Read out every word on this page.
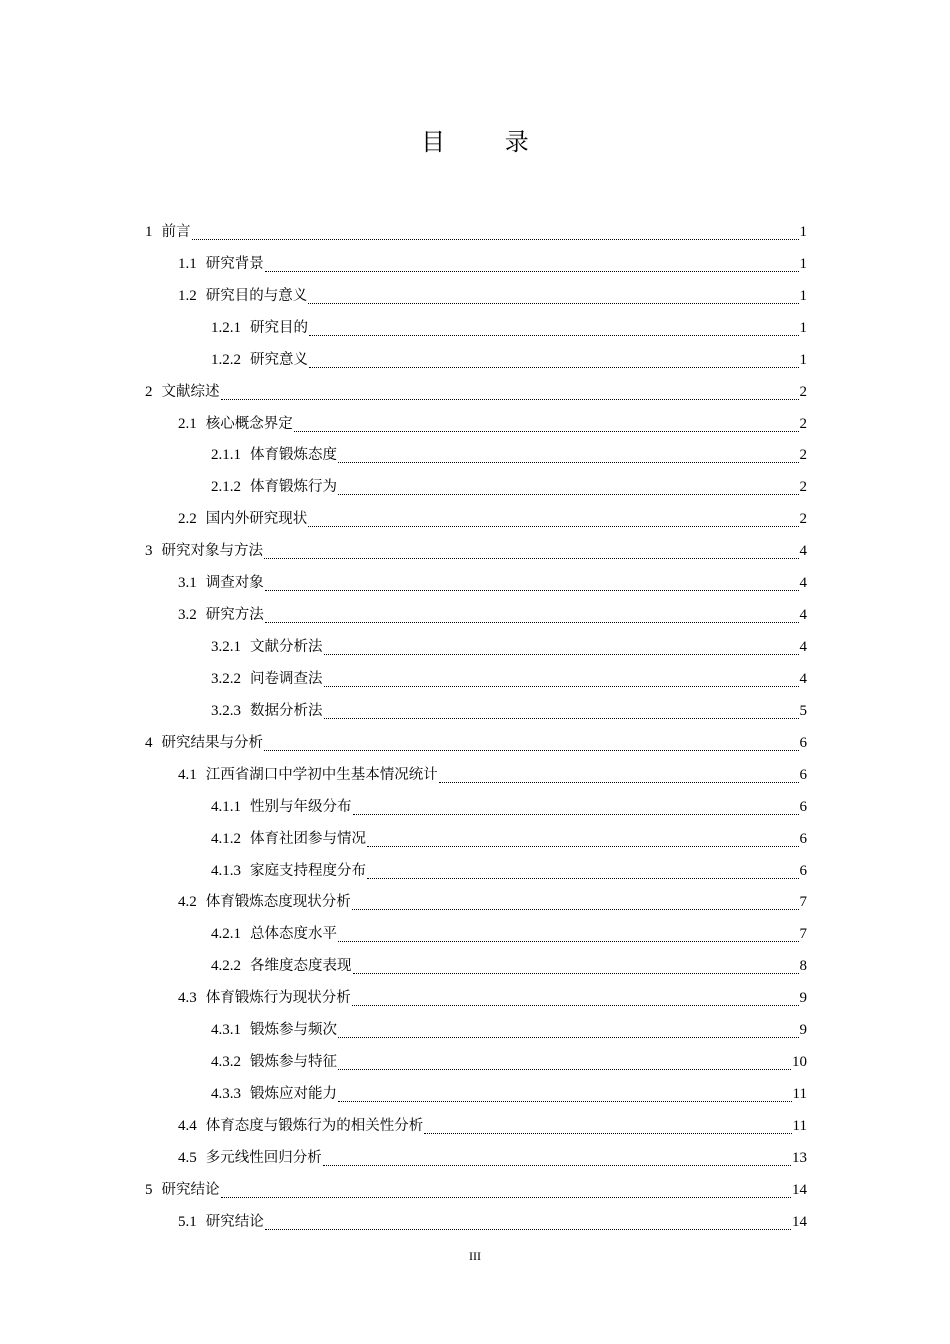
目 录
1 前言	1
1.1 研究背景	1
1.2 研究目的与意义	1
1.2.1 研究目的	1
1.2.2 研究意义	1
2 文献综述	2
2.1 核心概念界定	2
2.1.1 体育锻炼态度	2
2.1.2 体育锻炼行为	2
2.2 国内外研究现状	2
3 研究对象与方法	4
3.1 调查对象	4
3.2 研究方法	4
3.2.1 文献分析法	4
3.2.2 问卷调查法	4
3.2.3 数据分析法	5
4 研究结果与分析	6
4.1 江西省湖口中学初中生基本情况统计	6
4.1.1 性别与年级分布	6
4.1.2 体育社团参与情况	6
4.1.3 家庭支持程度分布	6
4.2 体育锻炼态度现状分析	7
4.2.1 总体态度水平	7
4.2.2 各维度态度表现	8
4.3 体育锻炼行为现状分析	9
4.3.1 锻炼参与频次	9
4.3.2 锻炼参与特征	10
4.3.3 锻炼应对能力	11
4.4 体育态度与锻炼行为的相关性分析	11
4.5 多元线性回归分析	13
5 研究结论	14
5.1 研究结论	14
III
